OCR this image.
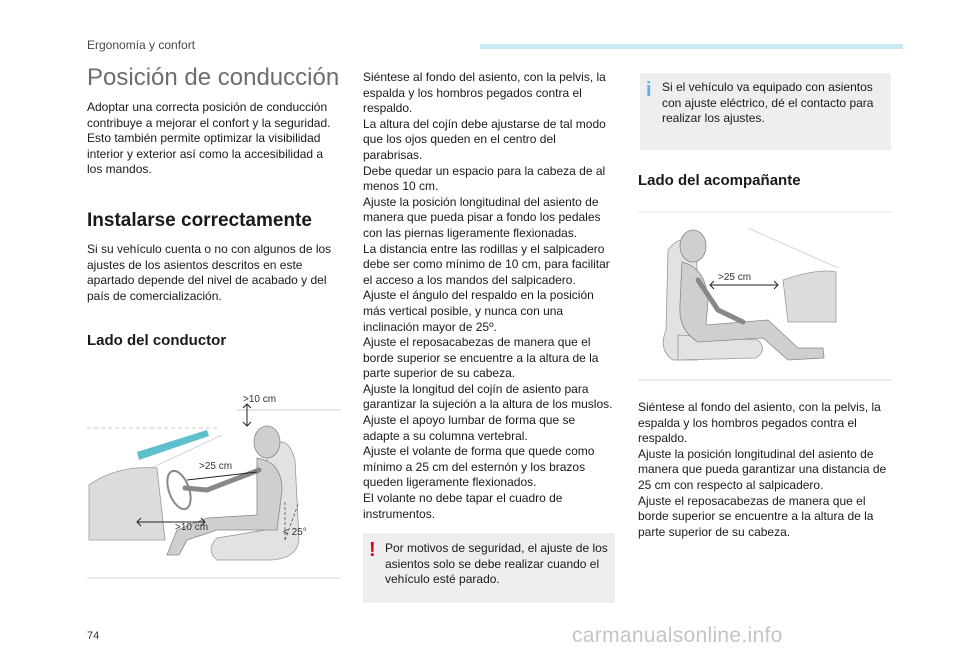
Ergonomía y confort
Posición de conducción
Adoptar una correcta posición de conducción contribuye a mejorar el confort y la seguridad. Esto también permite optimizar la visibilidad interior y exterior así como la accesibilidad a los mandos.
Instalarse correctamente
Si su vehículo cuenta o no con algunos de los ajustes de los asientos descritos en este apartado depende del nivel de acabado y del país de comercialización.
Lado del conductor
>10 cm
>25 cm
>10 cm	< 25°
Siéntese al fondo del asiento, con la pelvis, la espalda y los hombros pegados contra el respaldo.
La altura del cojín debe ajustarse de tal modo que los ojos queden en el centro del parabrisas.
Debe quedar un espacio para la cabeza de al menos 10 cm.
Ajuste la posición longitudinal del asiento de manera que pueda pisar a fondo los pedales con las piernas ligeramente flexionadas.
La distancia entre las rodillas y el salpicadero debe ser como mínimo de 10 cm, para facilitar el acceso a los mandos del salpicadero.
Ajuste el ángulo del respaldo en la posición más vertical posible, y nunca con una inclinación mayor de 25º.
Ajuste el reposacabezas de manera que el borde superior se encuentre a la altura de la parte superior de su cabeza.
Ajuste la longitud del cojín de asiento para garantizar la sujeción a la altura de los muslos.
Ajuste el apoyo lumbar de forma que se adapte a su columna vertebral.
Ajuste el volante de forma que quede como mínimo a 25 cm del esternón y los brazos queden ligeramente flexionados.
El volante no debe tapar el cuadro de instrumentos.
! Por motivos de seguridad, el ajuste de los asientos solo se debe realizar cuando el vehículo esté parado.
i Si el vehículo va equipado con asientos con ajuste eléctrico, dé el contacto para realizar los ajustes.
Lado del acompañante
>25 cm
Siéntese al fondo del asiento, con la pelvis, la espalda y los hombros pegados contra el respaldo.
Ajuste la posición longitudinal del asiento de manera que pueda garantizar una distancia de 25 cm con respecto al salpicadero.
Ajuste el reposacabezas de manera que el borde superior se encuentre a la altura de la parte superior de su cabeza.
74	carmanualsonline.info
